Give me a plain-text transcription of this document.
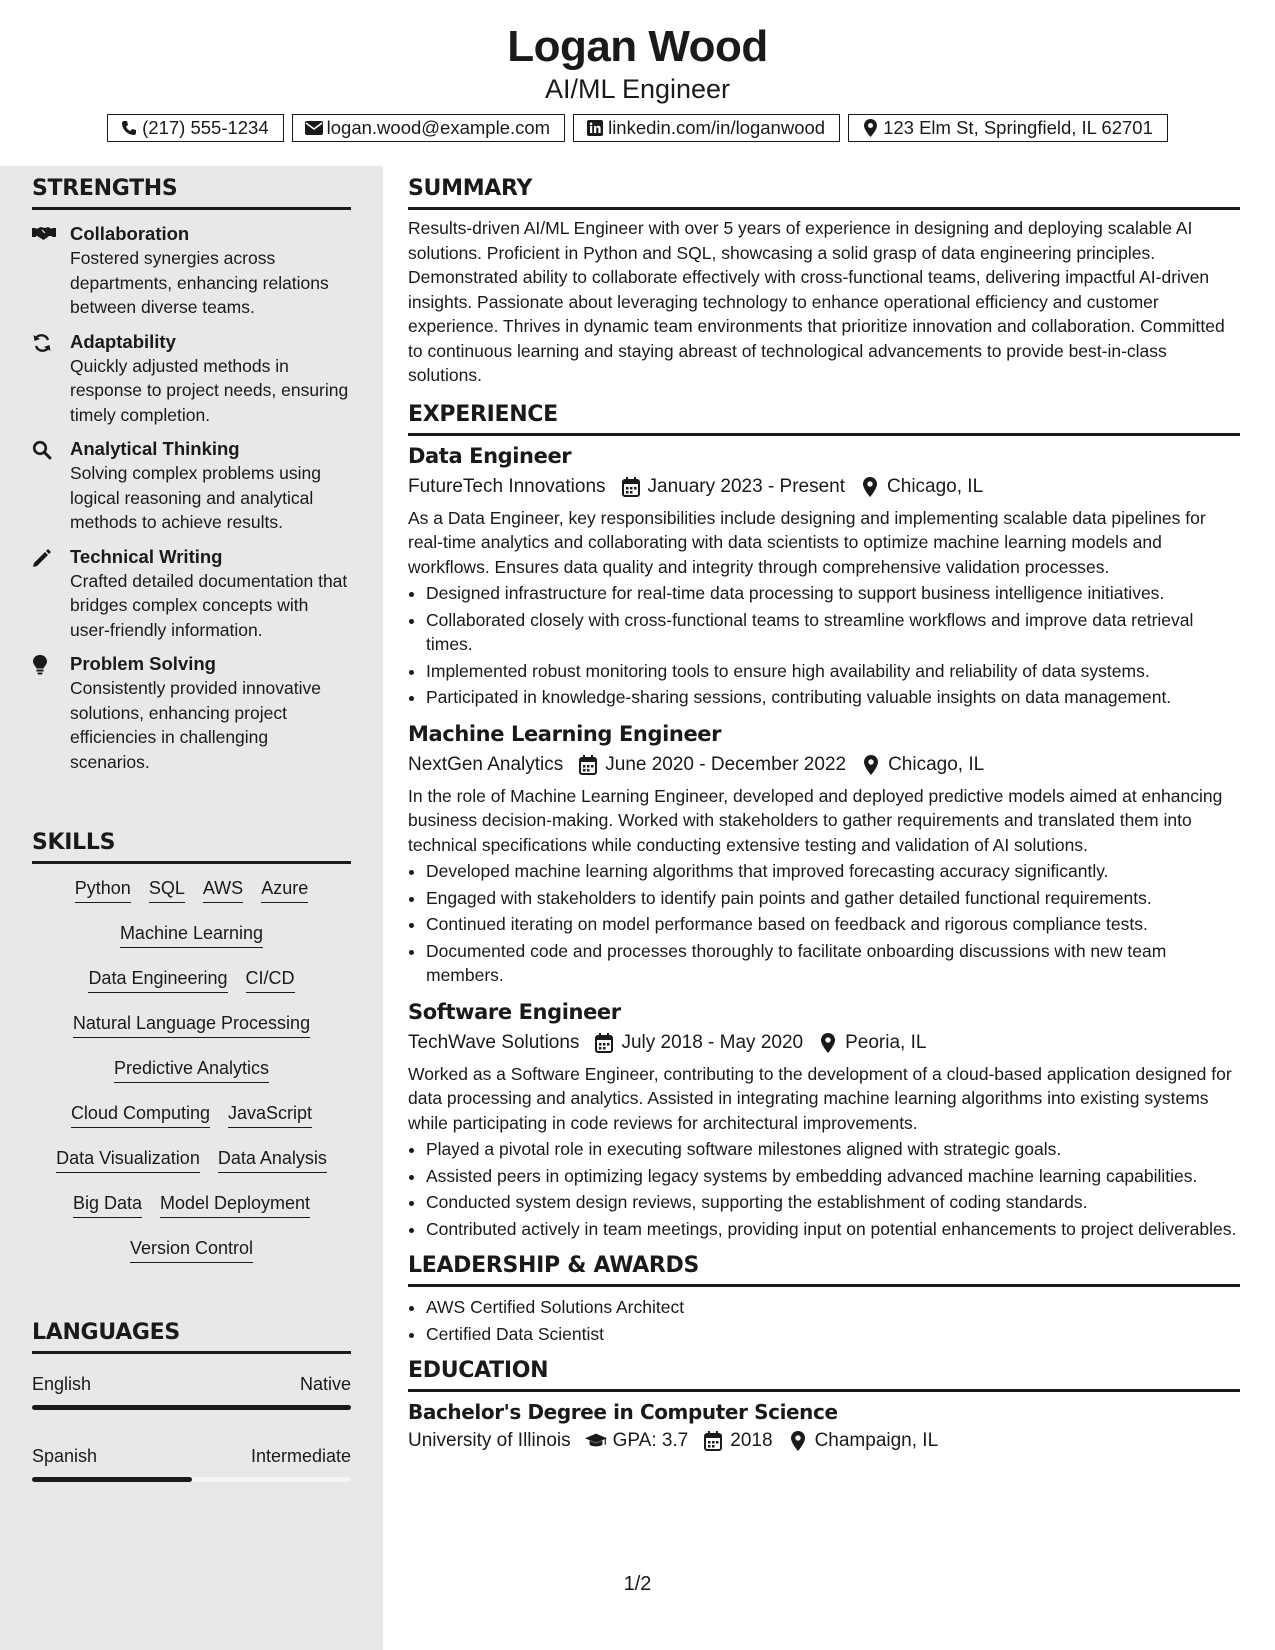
Logan Wood
AI/ML Engineer
(217) 555-1234	logan.wood@example.com	linkedin.com/in/loganwood	123 Elm St, Springfield, IL 62701
STRENGTHS
Collaboration
Fostered synergies across departments, enhancing relations between diverse teams.
Adaptability
Quickly adjusted methods in response to project needs, ensuring timely completion.
Analytical Thinking
Solving complex problems using logical reasoning and analytical methods to achieve results.
Technical Writing
Crafted detailed documentation that bridges complex concepts with user-friendly information.
Problem Solving
Consistently provided innovative solutions, enhancing project efficiencies in challenging scenarios.
SKILLS
Python SQL AWS Azure
Machine Learning
Data Engineering CI/CD
Natural Language Processing
Predictive Analytics
Cloud Computing JavaScript
Data Visualization Data Analysis
Big Data Model Deployment
Version Control
LANGUAGES
English	Native
Spanish	Intermediate
SUMMARY
Results-driven AI/ML Engineer with over 5 years of experience in designing and deploying scalable AI solutions. Proficient in Python and SQL, showcasing a solid grasp of data engineering principles. Demonstrated ability to collaborate effectively with cross-functional teams, delivering impactful AI-driven insights. Passionate about leveraging technology to enhance operational efficiency and customer experience. Thrives in dynamic team environments that prioritize innovation and collaboration. Committed to continuous learning and staying abreast of technological advancements to provide best-in-class solutions.
EXPERIENCE
Data Engineer
FutureTech Innovations January 2023 - Present Chicago, IL
As a Data Engineer, key responsibilities include designing and implementing scalable data pipelines for real-time analytics and collaborating with data scientists to optimize machine learning models and workflows. Ensures data quality and integrity through comprehensive validation processes.
• Designed infrastructure for real-time data processing to support business intelligence initiatives.
• Collaborated closely with cross-functional teams to streamline workflows and improve data retrieval times.
• Implemented robust monitoring tools to ensure high availability and reliability of data systems.
• Participated in knowledge-sharing sessions, contributing valuable insights on data management.
Machine Learning Engineer
NextGen Analytics June 2020 - December 2022 Chicago, IL
In the role of Machine Learning Engineer, developed and deployed predictive models aimed at enhancing business decision-making. Worked with stakeholders to gather requirements and translated them into technical specifications while conducting extensive testing and validation of AI solutions.
• Developed machine learning algorithms that improved forecasting accuracy significantly.
• Engaged with stakeholders to identify pain points and gather detailed functional requirements.
• Continued iterating on model performance based on feedback and rigorous compliance tests.
• Documented code and processes thoroughly to facilitate onboarding discussions with new team members.
Software Engineer
TechWave Solutions July 2018 - May 2020 Peoria, IL
Worked as a Software Engineer, contributing to the development of a cloud-based application designed for data processing and analytics. Assisted in integrating machine learning algorithms into existing systems while participating in code reviews for architectural improvements.
• Played a pivotal role in executing software milestones aligned with strategic goals.
• Assisted peers in optimizing legacy systems by embedding advanced machine learning capabilities.
• Conducted system design reviews, supporting the establishment of coding standards.
• Contributed actively in team meetings, providing input on potential enhancements to project deliverables.
LEADERSHIP & AWARDS
• AWS Certified Solutions Architect
• Certified Data Scientist
EDUCATION
Bachelor's Degree in Computer Science
University of Illinois GPA: 3.7 2018 Champaign, IL
1/2
